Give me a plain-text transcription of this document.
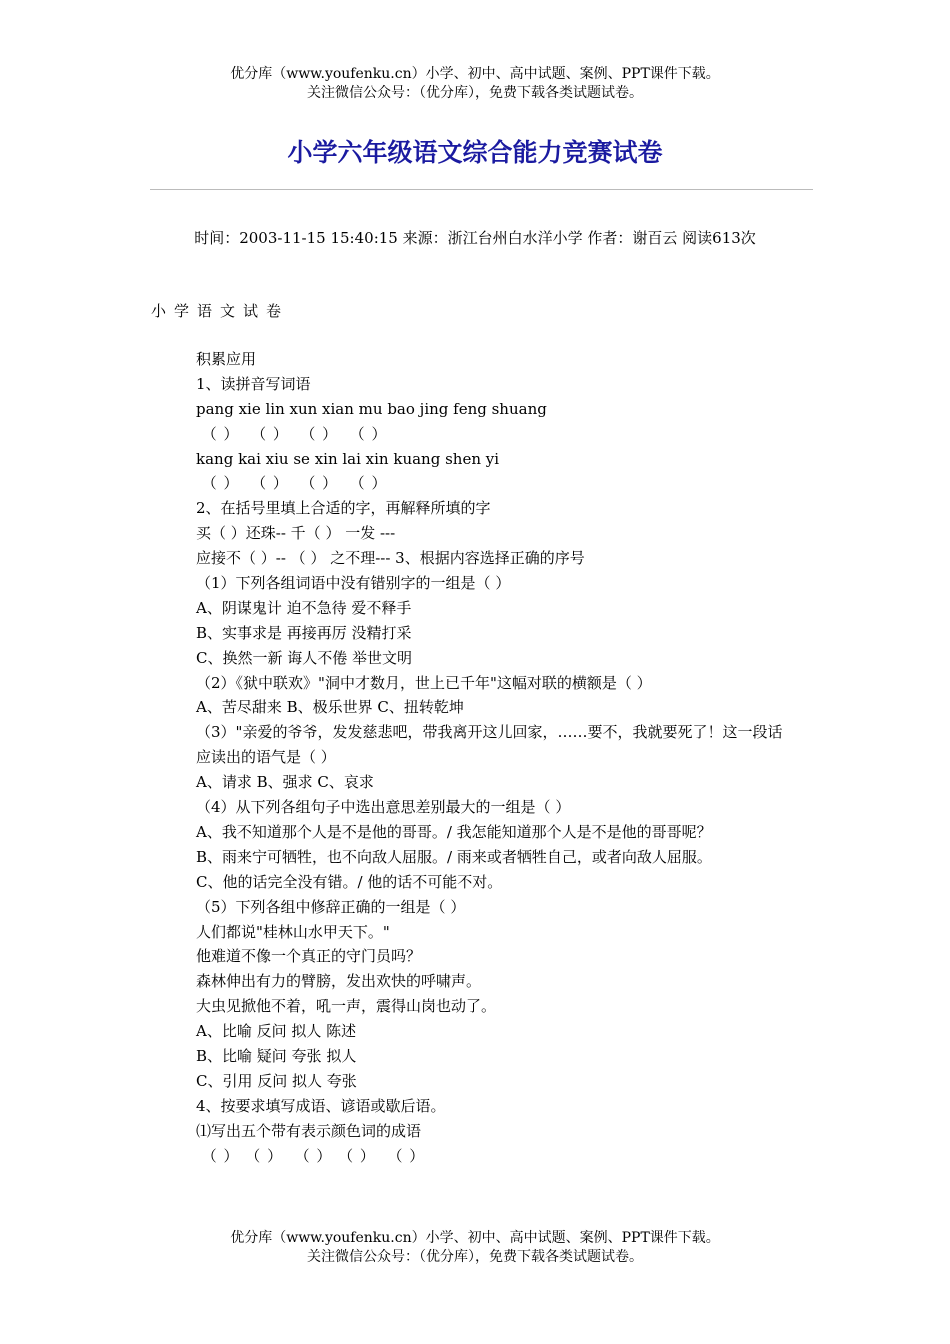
优分库（www.youfenku.cn）小学、初中、高中试题、案例、PPT课件下载。
关注微信公众号：（优分库），免费下载各类试题试卷。
小学六年级语文综合能力竞赛试卷
时间：2003-11-15 15:40:15 来源：浙江台州白水洋小学 作者：谢百云 阅读613次
小学语文试卷
积累应用
1、读拼音写词语
pang xie lin xun xian mu bao jing feng shuang
（ ）  （ ）  （ ）  （ ）
kang kai xiu se xin lai xin kuang shen yi
（ ）  （ ）  （ ）  （ ）
2、在括号里填上合适的字，再解释所填的字
买（ ）还珠-- 千（ ） 一发 ---
应接不（ ）-- （ ） 之不理--- 3、根据内容选择正确的序号
（1）下列各组词语中没有错别字的一组是（ ）
A、阴谋鬼计 迫不急待 爱不释手
B、实事求是 再接再厉 没精打采
C、换然一新 诲人不倦 举世文明
（2）《狱中联欢》"洞中才数月，世上已千年"这幅对联的横额是（ ）
A、苦尽甜来 B、极乐世界 C、扭转乾坤
（3）"亲爱的爷爷，发发慈悲吧，带我离开这儿回家，……要不，我就要死了！这一段话 应读出的语气是（ ）
A、请求 B、强求 C、哀求
（4）从下列各组句子中选出意思差别最大的一组是（ ）
A、我不知道那个人是不是他的哥哥。/ 我怎能知道那个人是不是他的哥哥呢？
B、雨来宁可牺牲，也不向敌人屈服。/ 雨来或者牺牲自己，或者向敌人屈服。
C、他的话完全没有错。/ 他的话不可能不对。
（5）下列各组中修辞正确的一组是（ ）
人们都说"桂林山水甲天下。"
他难道不像一个真正的守门员吗？
森林伸出有力的臂膀，发出欢快的呼啸声。
大虫见掀他不着，吼一声，震得山岗也动了。
A、比喻 反问 拟人 陈述
B、比喻 疑问 夸张 拟人
C、引用 反问 拟人 夸张
4、按要求填写成语、谚语或歇后语。
⑴写出五个带有表示颜色词的成语
（ ） （ ）  （ ） （ ）  （ ）
优分库（www.youfenku.cn）小学、初中、高中试题、案例、PPT课件下载。
关注微信公众号：（优分库），免费下载各类试题试卷。
